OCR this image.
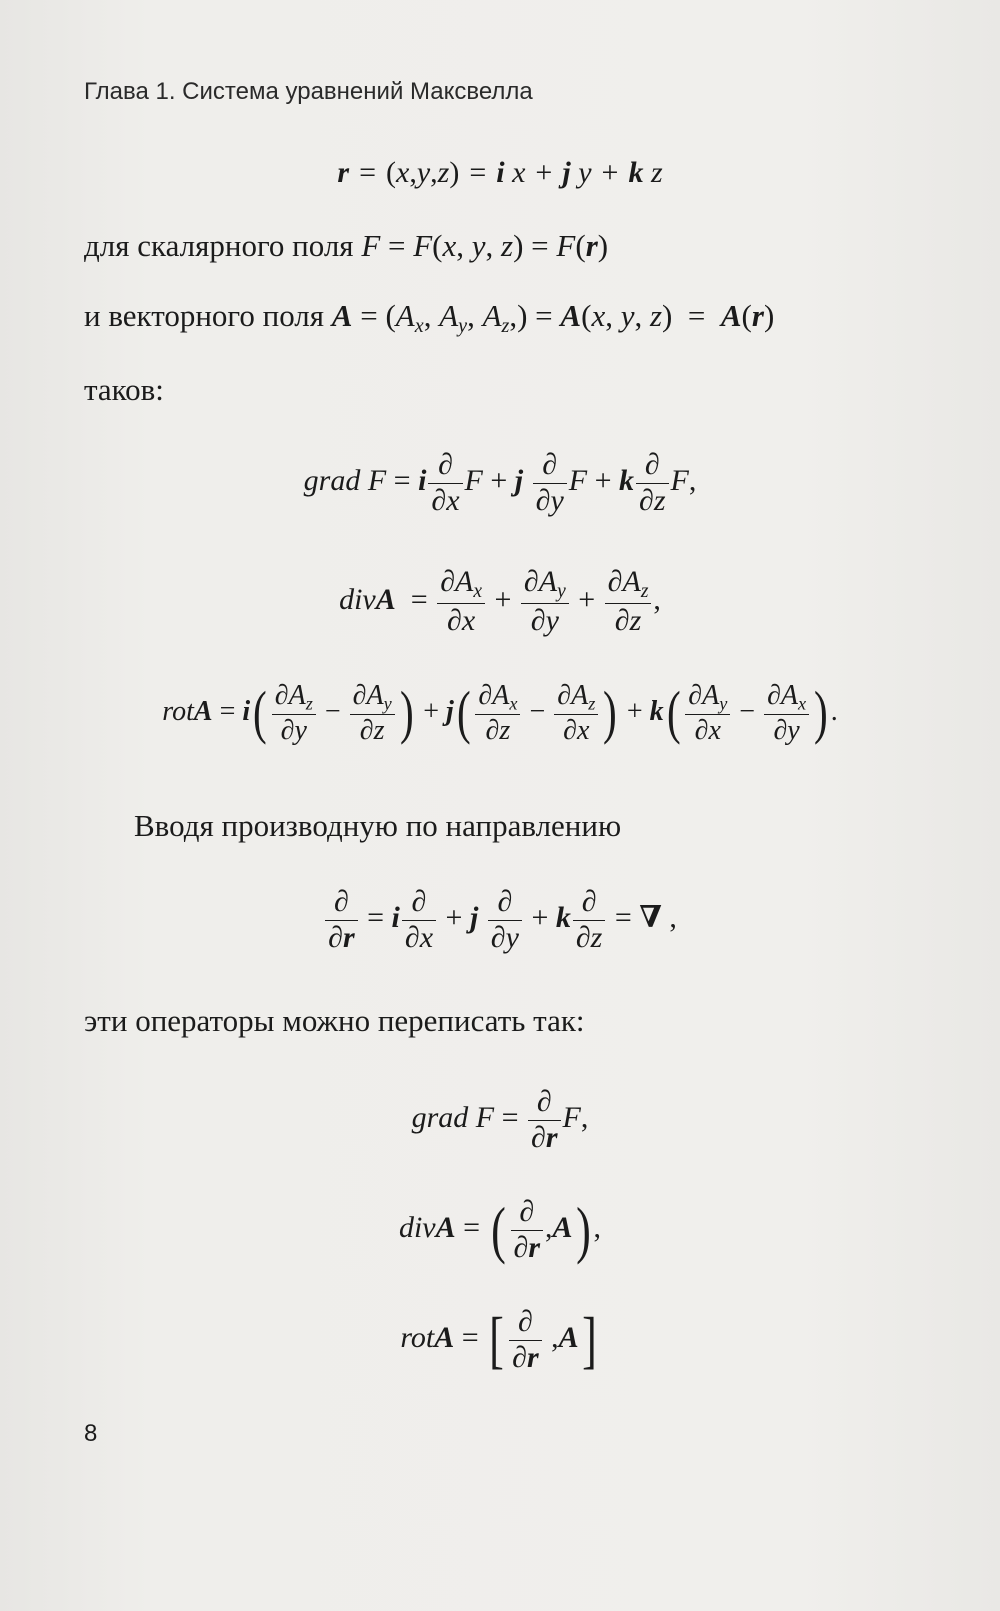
Глава 1. Система уравнений Максвелла
r = (x,y,z) = i x + j y + k z
для скалярного поля F = F(x, y, z) = F(r)
и векторного поля $A = (A_x$, $A_y$, $A_z,) = A(x$, y, z)  =  A(r)
таков:
grad F = i $\frac{\partial}{\partial x}$ F + j $\frac{\partial}{\partial y}$ F + k $\frac{\partial}{\partial z} F$,
divA  = $\frac{\partial A_x}{\partial x} + \frac{\partial A_y}{\partial y} + \frac{\partial A_z}{\partial z}$ ,
rotA = $i( \frac{\partial A_z}{\partial y} - \frac{\partial A_y}{\partial z}$ ) + $j( \frac{\partial A_x}{\partial z} - \frac{\partial A_z}{\partial x}$ ) + $k( \frac{\partial A_y}{\partial x} - \frac{\partial A_x}{\partial y}$ ) .
Вводя производную по направлению
$\frac{\partial}{\partial r} = i \frac{\partial}{\partial x} + j \frac{\partial}{\partial y} + k \frac{\partial}{\partial z}$ = ∇ ,
эти операторы можно переписать так:
grad $F = \frac{\partial}{\partial r} F$,
divA = ( $\frac{\partial}{\partial r} ,A$) ,
rotA = [ $\frac{\partial}{\partial r} ,A$]
8
